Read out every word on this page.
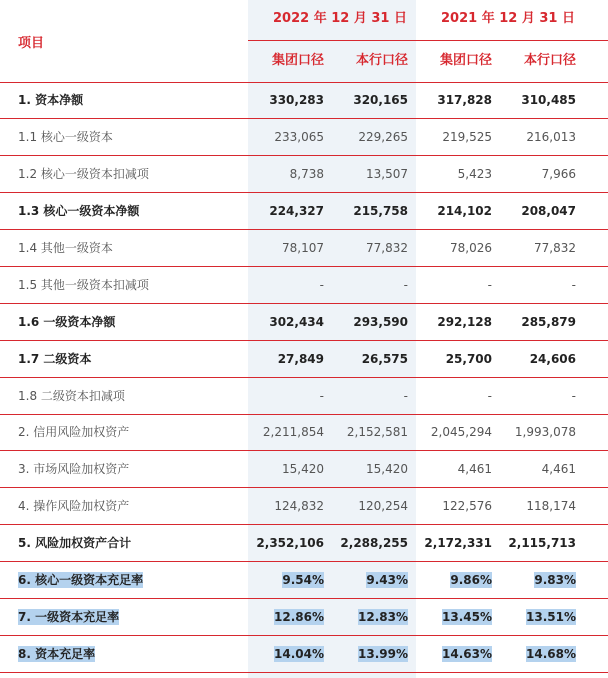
项目
2022 年 12 月 31 日	2021 年 12 月 31 日
集团口径	本行口径	集团口径	本行口径
1. 资本净额	330,283	320,165	317,828	310,485
1.1 核心一级资本	233,065	229,265	219,525	216,013
1.2 核心一级资本扣减项	8,738	13,507	5,423	7,966
1.3 核心一级资本净额	224,327	215,758	214,102	208,047
1.4 其他一级资本	78,107	77,832	78,026	77,832
1.5 其他一级资本扣减项	-	-	-	-
1.6 一级资本净额	302,434	293,590	292,128	285,879
1.7 二级资本	27,849	26,575	25,700	24,606
1.8 二级资本扣减项	-	-	-	-
2. 信用风险加权资产	2,211,854	2,152,581	2,045,294	1,993,078
3. 市场风险加权资产	15,420	15,420	4,461	4,461
4. 操作风险加权资产	124,832	120,254	122,576	118,174
5. 风险加权资产合计	2,352,106	2,288,255	2,172,331	2,115,713
6. 核心一级资本充足率	9.54%	9.43%	9.86%	9.83%
7. 一级资本充足率	12.86%	12.83%	13.45%	13.51%
8. 资本充足率	14.04%	13.99%	14.63%	14.68%
